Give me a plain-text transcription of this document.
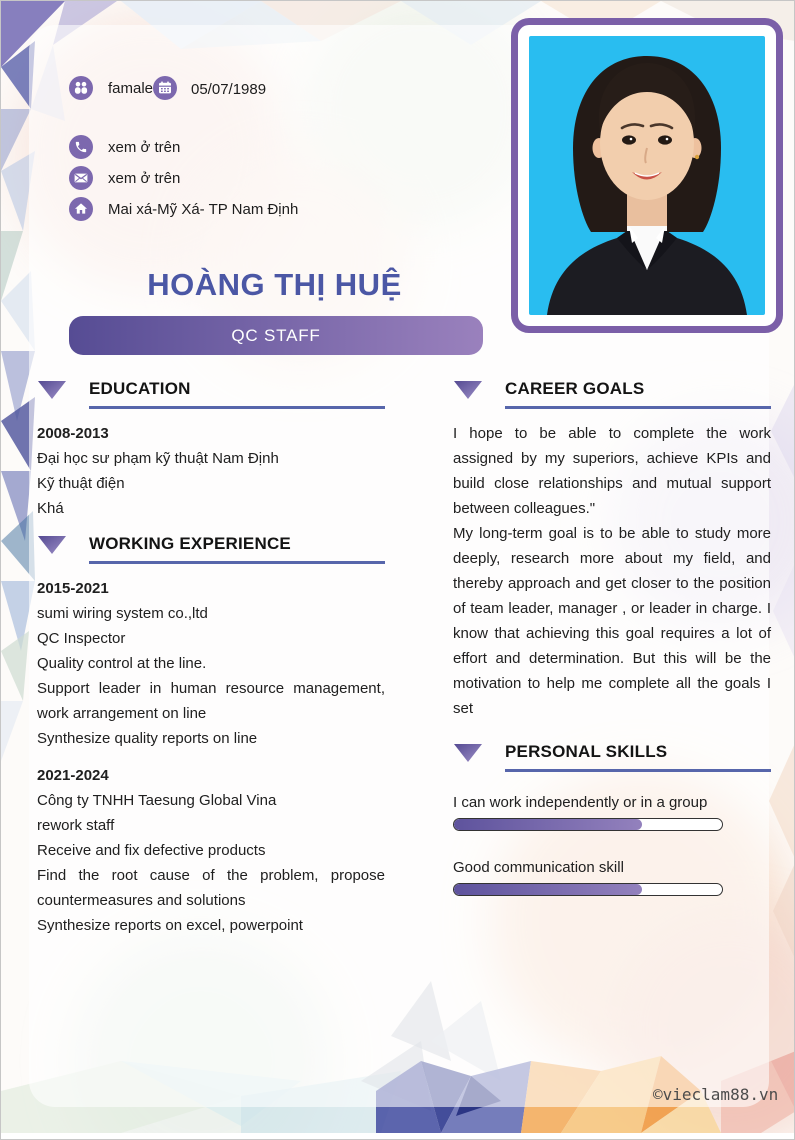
famale	05/07/1989
xem ở trên
xem ở trên
Mai xá-Mỹ Xá- TP Nam Định
HOÀNG THỊ HUỆ
QC STAFF
EDUCATION
2008-2013
Đại học sư phạm kỹ thuật Nam Định
Kỹ thuật điện
Khá
WORKING EXPERIENCE
2015-2021
sumi wiring system co.,ltd
QC Inspector
Quality control at the line.
Support leader in human resource management, work arrangement on line
Synthesize quality reports on line
2021-2024
Công ty TNHH Taesung Global Vina
rework staff
Receive and fix defective products
Find the root cause of the problem, propose countermeasures and solutions
Synthesize reports on excel, powerpoint
CAREER GOALS

I hope to be able to complete the work assigned by my superiors, achieve KPIs and build close relationships and mutual support between colleagues."

My long-term goal is to be able to study more deeply, research more about my field, and thereby approach and get closer to the position of team leader, manager , or leader in charge. I know that achieving this goal requires a lot of effort and determination. But this will be the motivation to help me complete all the goals I set

PERSONAL SKILLS
I can work independently or in a group
Good communication skill
©vieclam88.vn
